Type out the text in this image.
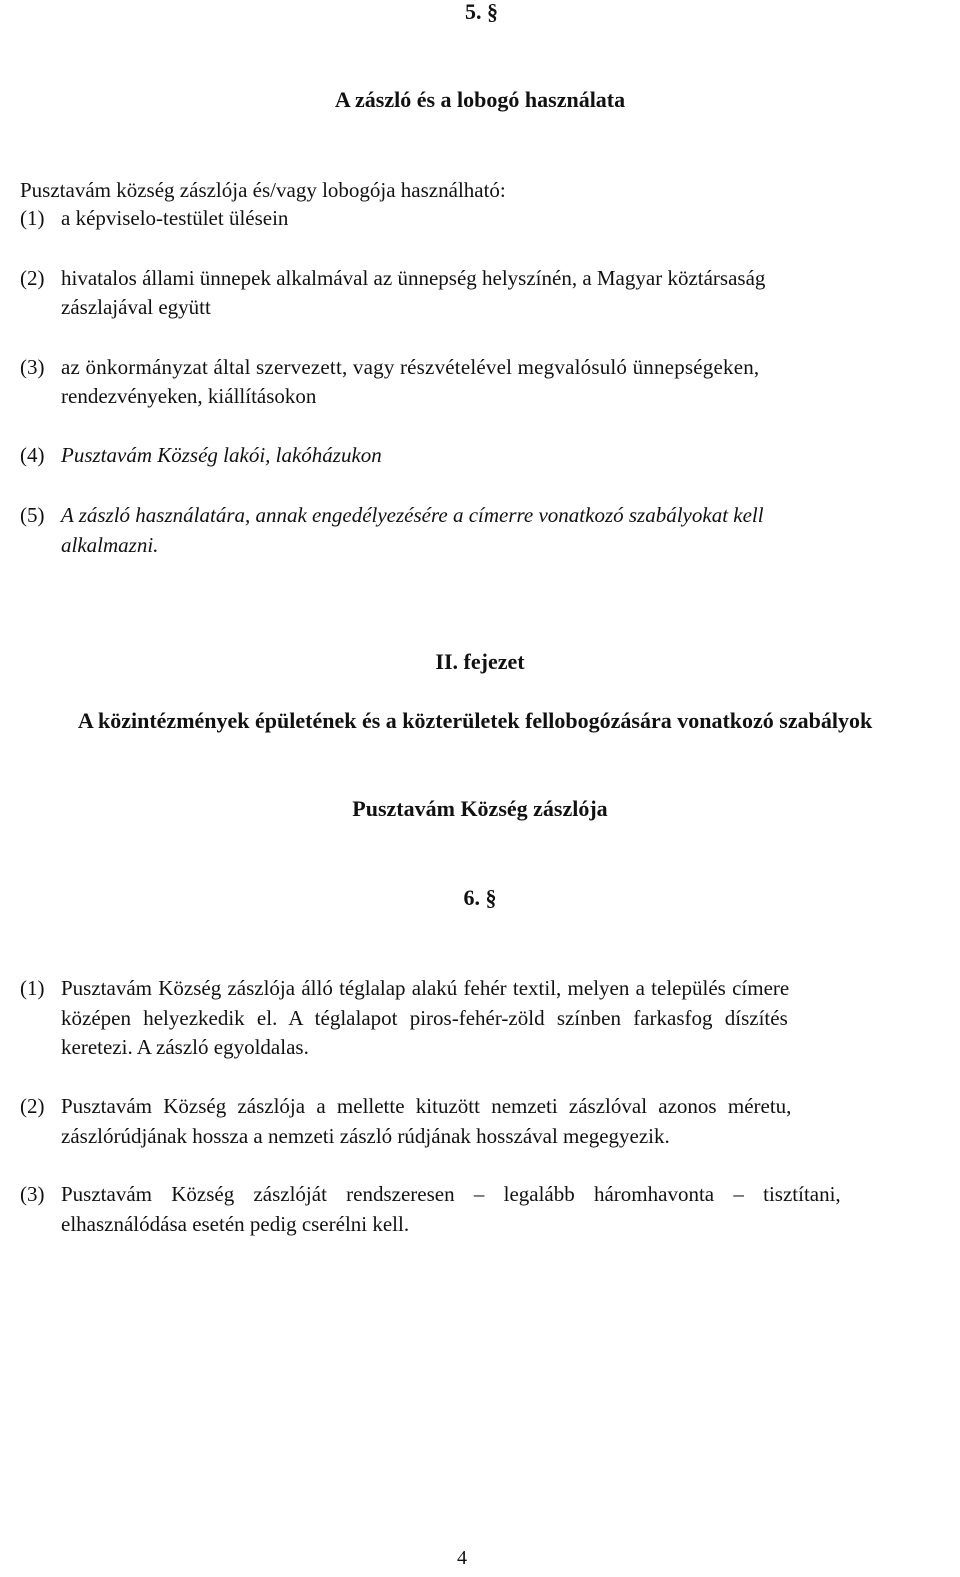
5. §
A zászló és a lobogó használata
Pusztavám község zászlója és/vagy lobogója használható:
(1) a képviselo-testület ülésein
(2) hivatalos állami ünnepek alkalmával az ünnepség helyszínén, a Magyar köztársaság
zászlajával együtt
(3) az önkormányzat által szervezett, vagy részvételével megvalósuló ünnepségeken,
rendezvényeken, kiállításokon
(4) Pusztavám Község lakói, lakóházukon
(5) A zászló használatára, annak engedélyezésére a címerre vonatkozó szabályokat kell
alkalmazni.
II. fejezet
A közintézmények épületének és a közterületek fellobogózására vonatkozó szabályok
Pusztavám Község zászlója
6. §
(1) Pusztavám Község zászlója álló téglalap alakú fehér textil, melyen a település címere
középen helyezkedik el. A téglalapot piros-fehér-zöld színben farkasfog díszítés
keretezi. A zászló egyoldalas.
(2) Pusztavám Község zászlója a mellette kituzött nemzeti zászlóval azonos méretu,
zászlórúdjának hossza a nemzeti zászló rúdjának hosszával megegyezik.
(3) Pusztavám Község zászlóját rendszeresen – legalább háromhavonta – tisztítani,
elhasználódása esetén pedig cserélni kell.
4
